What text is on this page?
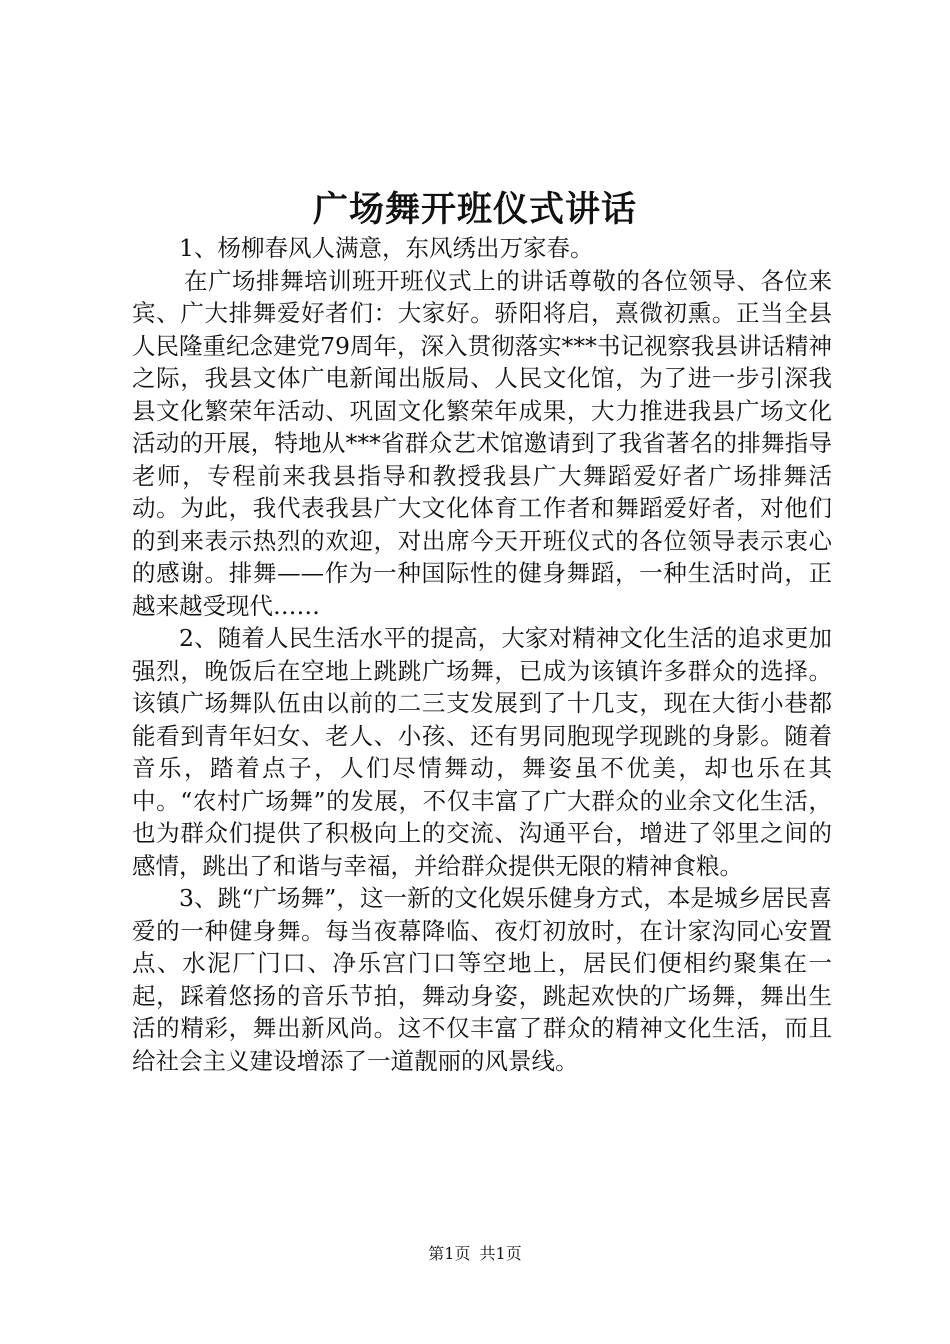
广场舞开班仪式讲话

1、杨柳春风人满意，东风绣出万家春。

在广场排舞培训班开班仪式上的讲话尊敬的各位领导、各位来宾、广大排舞爱好者们：大家好。骄阳将启，熹微初熏。正当全县人民隆重纪念建党79周年，深入贯彻落实***书记视察我县讲话精神之际，我县文体广电新闻出版局、人民文化馆，为了进一步引深我县文化繁荣年活动、巩固文化繁荣年成果，大力推进我县广场文化活动的开展，特地从***省群众艺术馆邀请到了我省著名的排舞指导老师，专程前来我县指导和教授我县广大舞蹈爱好者广场排舞活动。为此，我代表我县广大文化体育工作者和舞蹈爱好者，对他们的到来表示热烈的欢迎，对出席今天开班仪式的各位领导表示衷心的感谢。排舞——作为一种国际性的健身舞蹈，一种生活时尚，正越来越受现代……

2、随着人民生活水平的提高，大家对精神文化生活的追求更加强烈，晚饭后在空地上跳跳广场舞，已成为该镇许多群众的选择。该镇广场舞队伍由以前的二三支发展到了十几支，现在大街小巷都能看到青年妇女、老人、小孩、还有男同胞现学现跳的身影。随着音乐，踏着点子，人们尽情舞动，舞姿虽不优美，却也乐在其中。“农村广场舞”的发展，不仅丰富了广大群众的业余文化生活，也为群众们提供了积极向上的交流、沟通平台，增进了邻里之间的感情，跳出了和谐与幸福，并给群众提供无限的精神食粮。

3、跳“广场舞”，这一新的文化娱乐健身方式，本是城乡居民喜爱的一种健身舞。每当夜幕降临、夜灯初放时，在计家沟同心安置点、水泥厂门口、净乐宫门口等空地上，居民们便相约聚集在一起，踩着悠扬的音乐节拍，舞动身姿，跳起欢快的广场舞，舞出生活的精彩，舞出新风尚。这不仅丰富了群众的精神文化生活，而且给社会主义建设增添了一道靓丽的风景线。

第1页 共1页
